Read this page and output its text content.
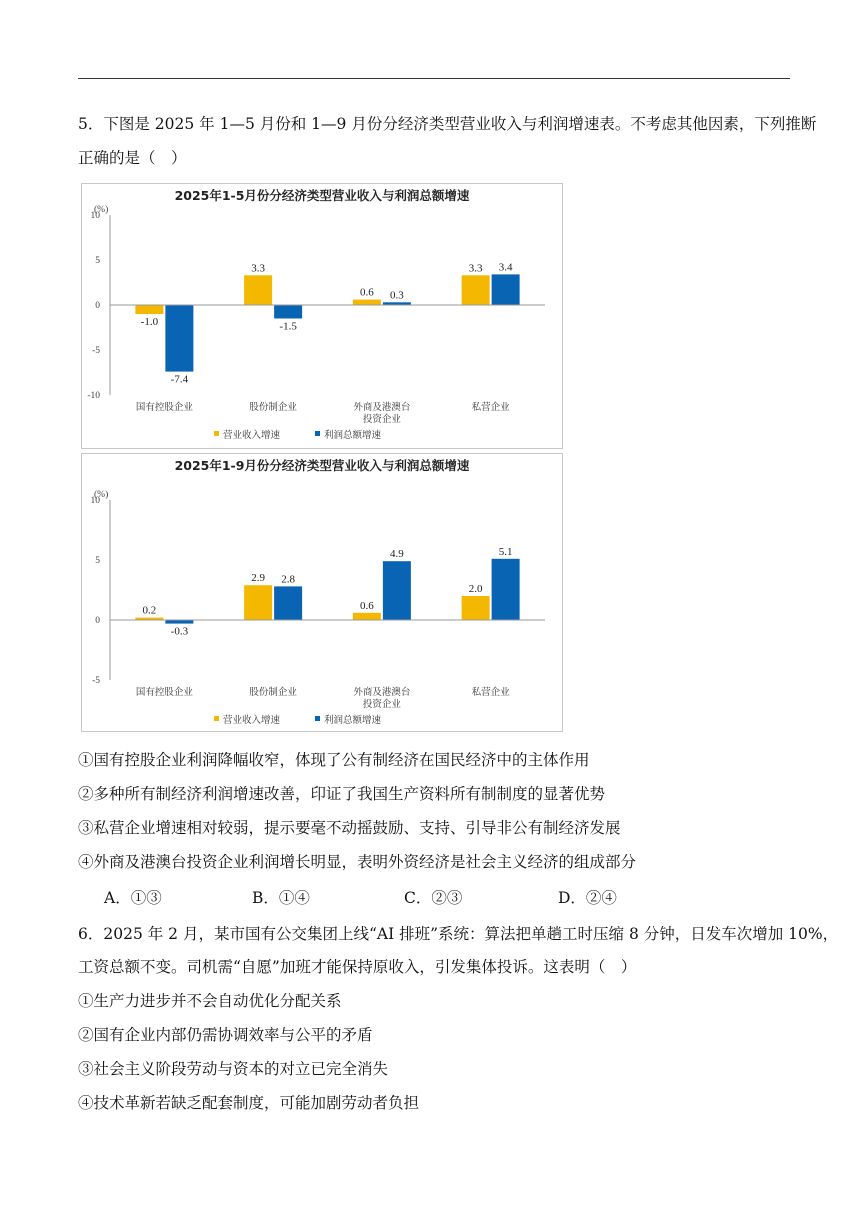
5．下图是 2025 年 1—5 月份和 1—9 月份分经济类型营业收入与利润增速表。不考虑其他因素，下列推断
正确的是（　）
2025年1-5月份分经济类型营业收入与利润总额增速
(%)
10
5
0
-5
-10
-1.0
3.3
0.6
3.3
-7.4
-1.5
0.3
3.4
国有控股企业	股份制企业	外商及港澳台
投资企业
私营企业
营业收入增速	利润总额增速
2025年1-9月份分经济类型营业收入与利润总额增速
(%)
10
5
0
-5
0.2
2.9
0.6
2.0
-0.3
2.8
4.9	5.1
国有控股企业	股份制企业	外商及港澳台
投资企业
私营企业
营业收入增速	利润总额增速
①国有控股企业利润降幅收窄，体现了公有制经济在国民经济中的主体作用
②多种所有制经济利润增速改善，印证了我国生产资料所有制制度的显著优势
③私营企业增速相对较弱，提示要毫不动摇鼓励、支持、引导非公有制经济发展
④外商及港澳台投资企业利润增长明显，表明外资经济是社会主义经济的组成部分
A．①③	B．①④	C．②③	D．②④
6．2025 年 2 月，某市国有公交集团上线“AI 排班”系统：算法把单趟工时压缩 8 分钟，日发车次增加 10%，
工资总额不变。司机需“自愿”加班才能保持原收入，引发集体投诉。这表明（　）
①生产力进步并不会自动优化分配关系
②国有企业内部仍需协调效率与公平的矛盾
③社会主义阶段劳动与资本的对立已完全消失
④技术革新若缺乏配套制度，可能加剧劳动者负担
